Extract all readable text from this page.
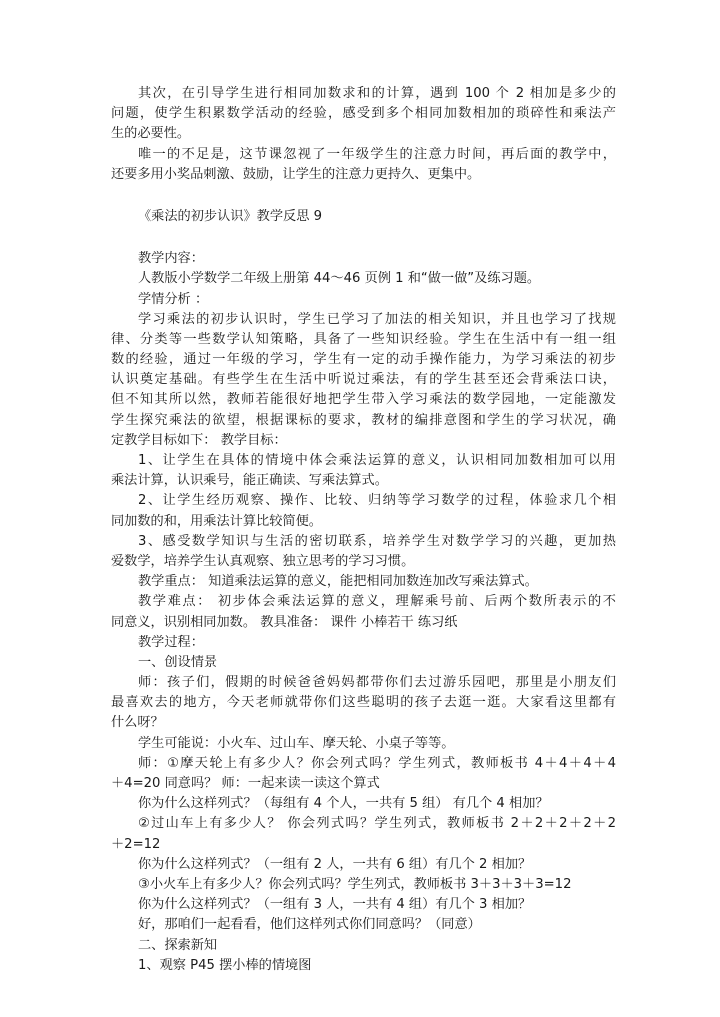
其次，在引导学生进行相同加数求和的计算，遇到 100 个 2 相加是多少的
问题，使学生积累数学活动的经验，感受到多个相同加数相加的琐碎性和乘法产
生的必要性。
唯一的不足是，这节课忽视了一年级学生的注意力时间，再后面的教学中，
还要多用小奖品刺激、鼓励，让学生的注意力更持久、更集中。
《乘法的初步认识》教学反思 9
教学内容：
人教版小学数学二年级上册第 44～46 页例 1 和“做一做”及练习题。
学情分析 ：
学习乘法的初步认识时，学生已学习了加法的相关知识，并且也学习了找规
律、分类等一些数学认知策略，具备了一些知识经验。学生在生活中有一组一组
数的经验，通过一年级的学习，学生有一定的动手操作能力，为学习乘法的初步
认识奠定基础。有些学生在生活中听说过乘法，有的学生甚至还会背乘法口诀，
但不知其所以然，教师若能很好地把学生带入学习乘法的数学园地，一定能激发
学生探究乘法的欲望，根据课标的要求，教材的编排意图和学生的学习状况，确
定教学目标如下： 教学目标：
1、让学生在具体的情境中体会乘法运算的意义，认识相同加数相加可以用
乘法计算，认识乘号，能正确读、写乘法算式。
2、让学生经历观察、操作、比较、归纳等学习数学的过程，体验求几个相
同加数的和，用乘法计算比较简便。
3、感受数学知识与生活的密切联系，培养学生对数学学习的兴趣，更加热
爱数学，培养学生认真观察、独立思考的学习习惯。
教学重点： 知道乘法运算的意义，能把相同加数连加改写乘法算式。
教学难点： 初步体会乘法运算的意义，理解乘号前、后两个数所表示的不
同意义，识别相同加数。 教具准备： 课件 小棒若干 练习纸
教学过程：
一、创设情景
师：孩子们，假期的时候爸爸妈妈都带你们去过游乐园吧，那里是小朋友们
最喜欢去的地方，今天老师就带你们这些聪明的孩子去逛一逛。大家看这里都有
什么呀？
学生可能说：小火车、过山车、摩天轮、小桌子等等。
师：①摩天轮上有多少人？你会列式吗？学生列式，教师板书 4＋4＋4＋4
＋4=20 同意吗？ 师：一起来读一读这个算式
你为什么这样列式？（每组有 4 个人，一共有 5 组） 有几个 4 相加？
②过山车上有多少人？ 你会列式吗？学生列式，教师板书 2＋2＋2＋2＋2
＋2=12
你为什么这样列式？（一组有 2 人，一共有 6 组）有几个 2 相加？
③小火车上有多少人？你会列式吗？学生列式，教师板书 3＋3＋3＋3=12
你为什么这样列式？（一组有 3 人，一共有 4 组）有几个 3 相加？
好，那咱们一起看看，他们这样列式你们同意吗？（同意）
二、探索新知
1、观察 P45 摆小棒的情境图
